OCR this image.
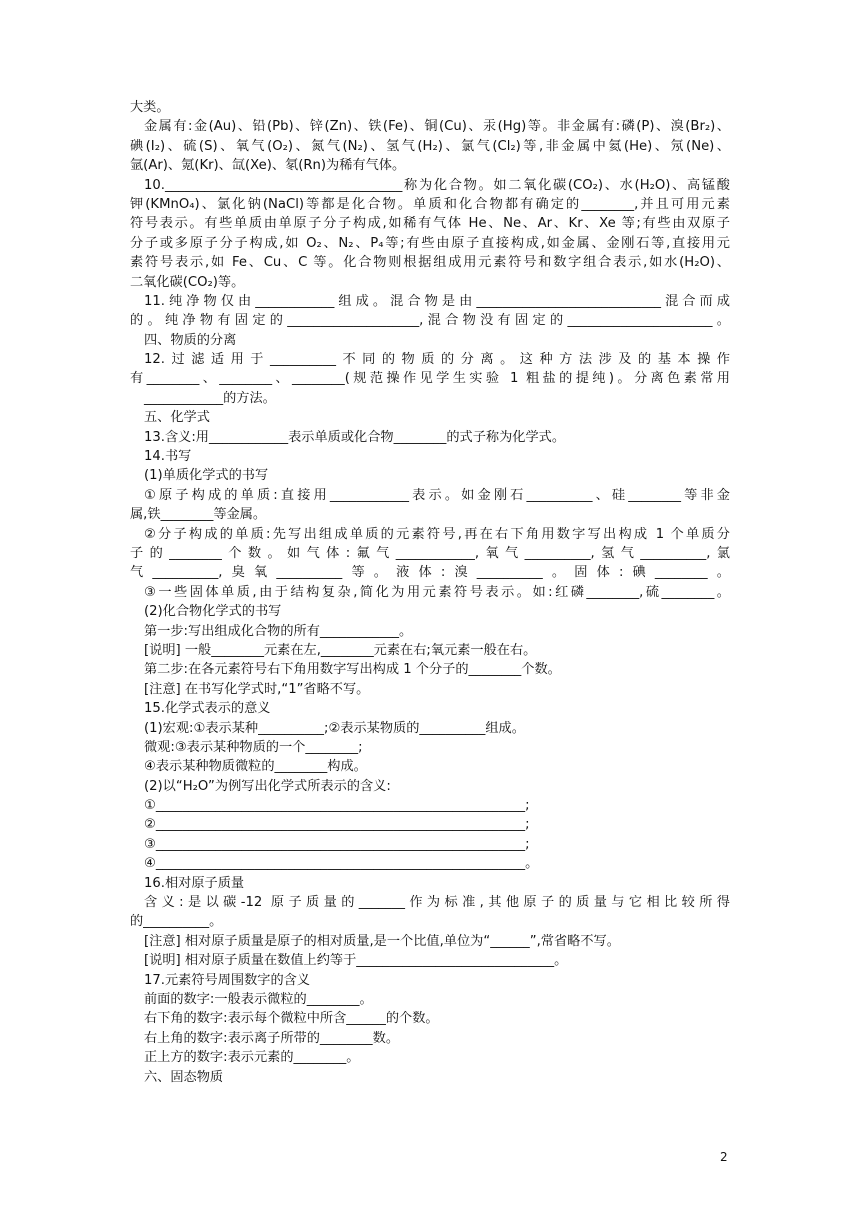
大类。
金属有:金(Au)、铅(Pb)、锌(Zn)、铁(Fe)、铜(Cu)、汞(Hg)等。非金属有:磷(P)、溴(Br₂)、
碘(I₂)、硫(S)、氧气(O₂)、氮气(N₂)、氢气(H₂)、氯气(Cl₂)等,非金属中氦(He)、氖(Ne)、
氩(Ar)、氪(Kr)、氙(Xe)、氡(Rn)为稀有气体。
10.____________________________________称为化合物。如二氧化碳(CO₂)、水(H₂O)、高锰酸
钾(KMnO₄)、氯化钠(NaCl)等都是化合物。单质和化合物都有确定的________,并且可用元素
符号表示。有些单质由单原子分子构成,如稀有气体 He、Ne、Ar、Kr、Xe 等;有些由双原子
分子或多原子分子构成,如 O₂、N₂、P₄等;有些由原子直接构成,如金属、金刚石等,直接用元
素符号表示,如 Fe、Cu、C 等。化合物则根据组成用元素符号和数字组合表示,如水(H₂O)、
二氧化碳(CO₂)等。
11.纯净物仅由____________组成。混合物是由____________________________混合而成
的。纯净物有固定的____________________,混合物没有固定的______________________。
四、物质的分离
12.过滤适用于__________不同的物质的分离。这种方法涉及的基本操作
有________、________、________(规范操作见学生实验 1 粗盐的提纯)。分离色素常用
____________的方法。
五、化学式
13.含义:用____________表示单质或化合物________的式子称为化学式。
14.书写
(1)单质化学式的书写
①原子构成的单质:直接用____________表示。如金刚石__________、硅________等非金
属,铁________等金属。
②分子构成的单质:先写出组成单质的元素符号,再在右下角用数字写出构成 1 个单质分
子的________个数。如气体:氟气____________,氧气__________,氢气__________,氯
气__________,臭氧__________等。液体:溴__________。固体:碘________。
③一些固体单质,由于结构复杂,简化为用元素符号表示。如:红磷________,硫________。
(2)化合物化学式的书写
第一步:写出组成化合物的所有____________。
[说明] 一般________元素在左,________元素在右;氧元素一般在右。
第二步:在各元素符号右下角用数字写出构成 1 个分子的________个数。
[注意] 在书写化学式时,“1”省略不写。
15.化学式表示的意义
(1)宏观:①表示某种__________;②表示某物质的__________组成。
微观:③表示某种物质的一个________;
④表示某种物质微粒的________构成。
(2)以“H₂O”为例写出化学式所表示的含义:
①________________________________________________________;
②________________________________________________________;
③________________________________________________________;
④________________________________________________________。
16.相对原子质量
含义:是以碳-12 原子质量的_______作为标准,其他原子的质量与它相比较所得
的__________。
[注意] 相对原子质量是原子的相对质量,是一个比值,单位为“______”,常省略不写。
[说明] 相对原子质量在数值上约等于______________________________。
17.元素符号周围数字的含义
前面的数字:一般表示微粒的________。
右下角的数字:表示每个微粒中所含______的个数。
右上角的数字:表示离子所带的________数。
正上方的数字:表示元素的________。
六、固态物质
2
